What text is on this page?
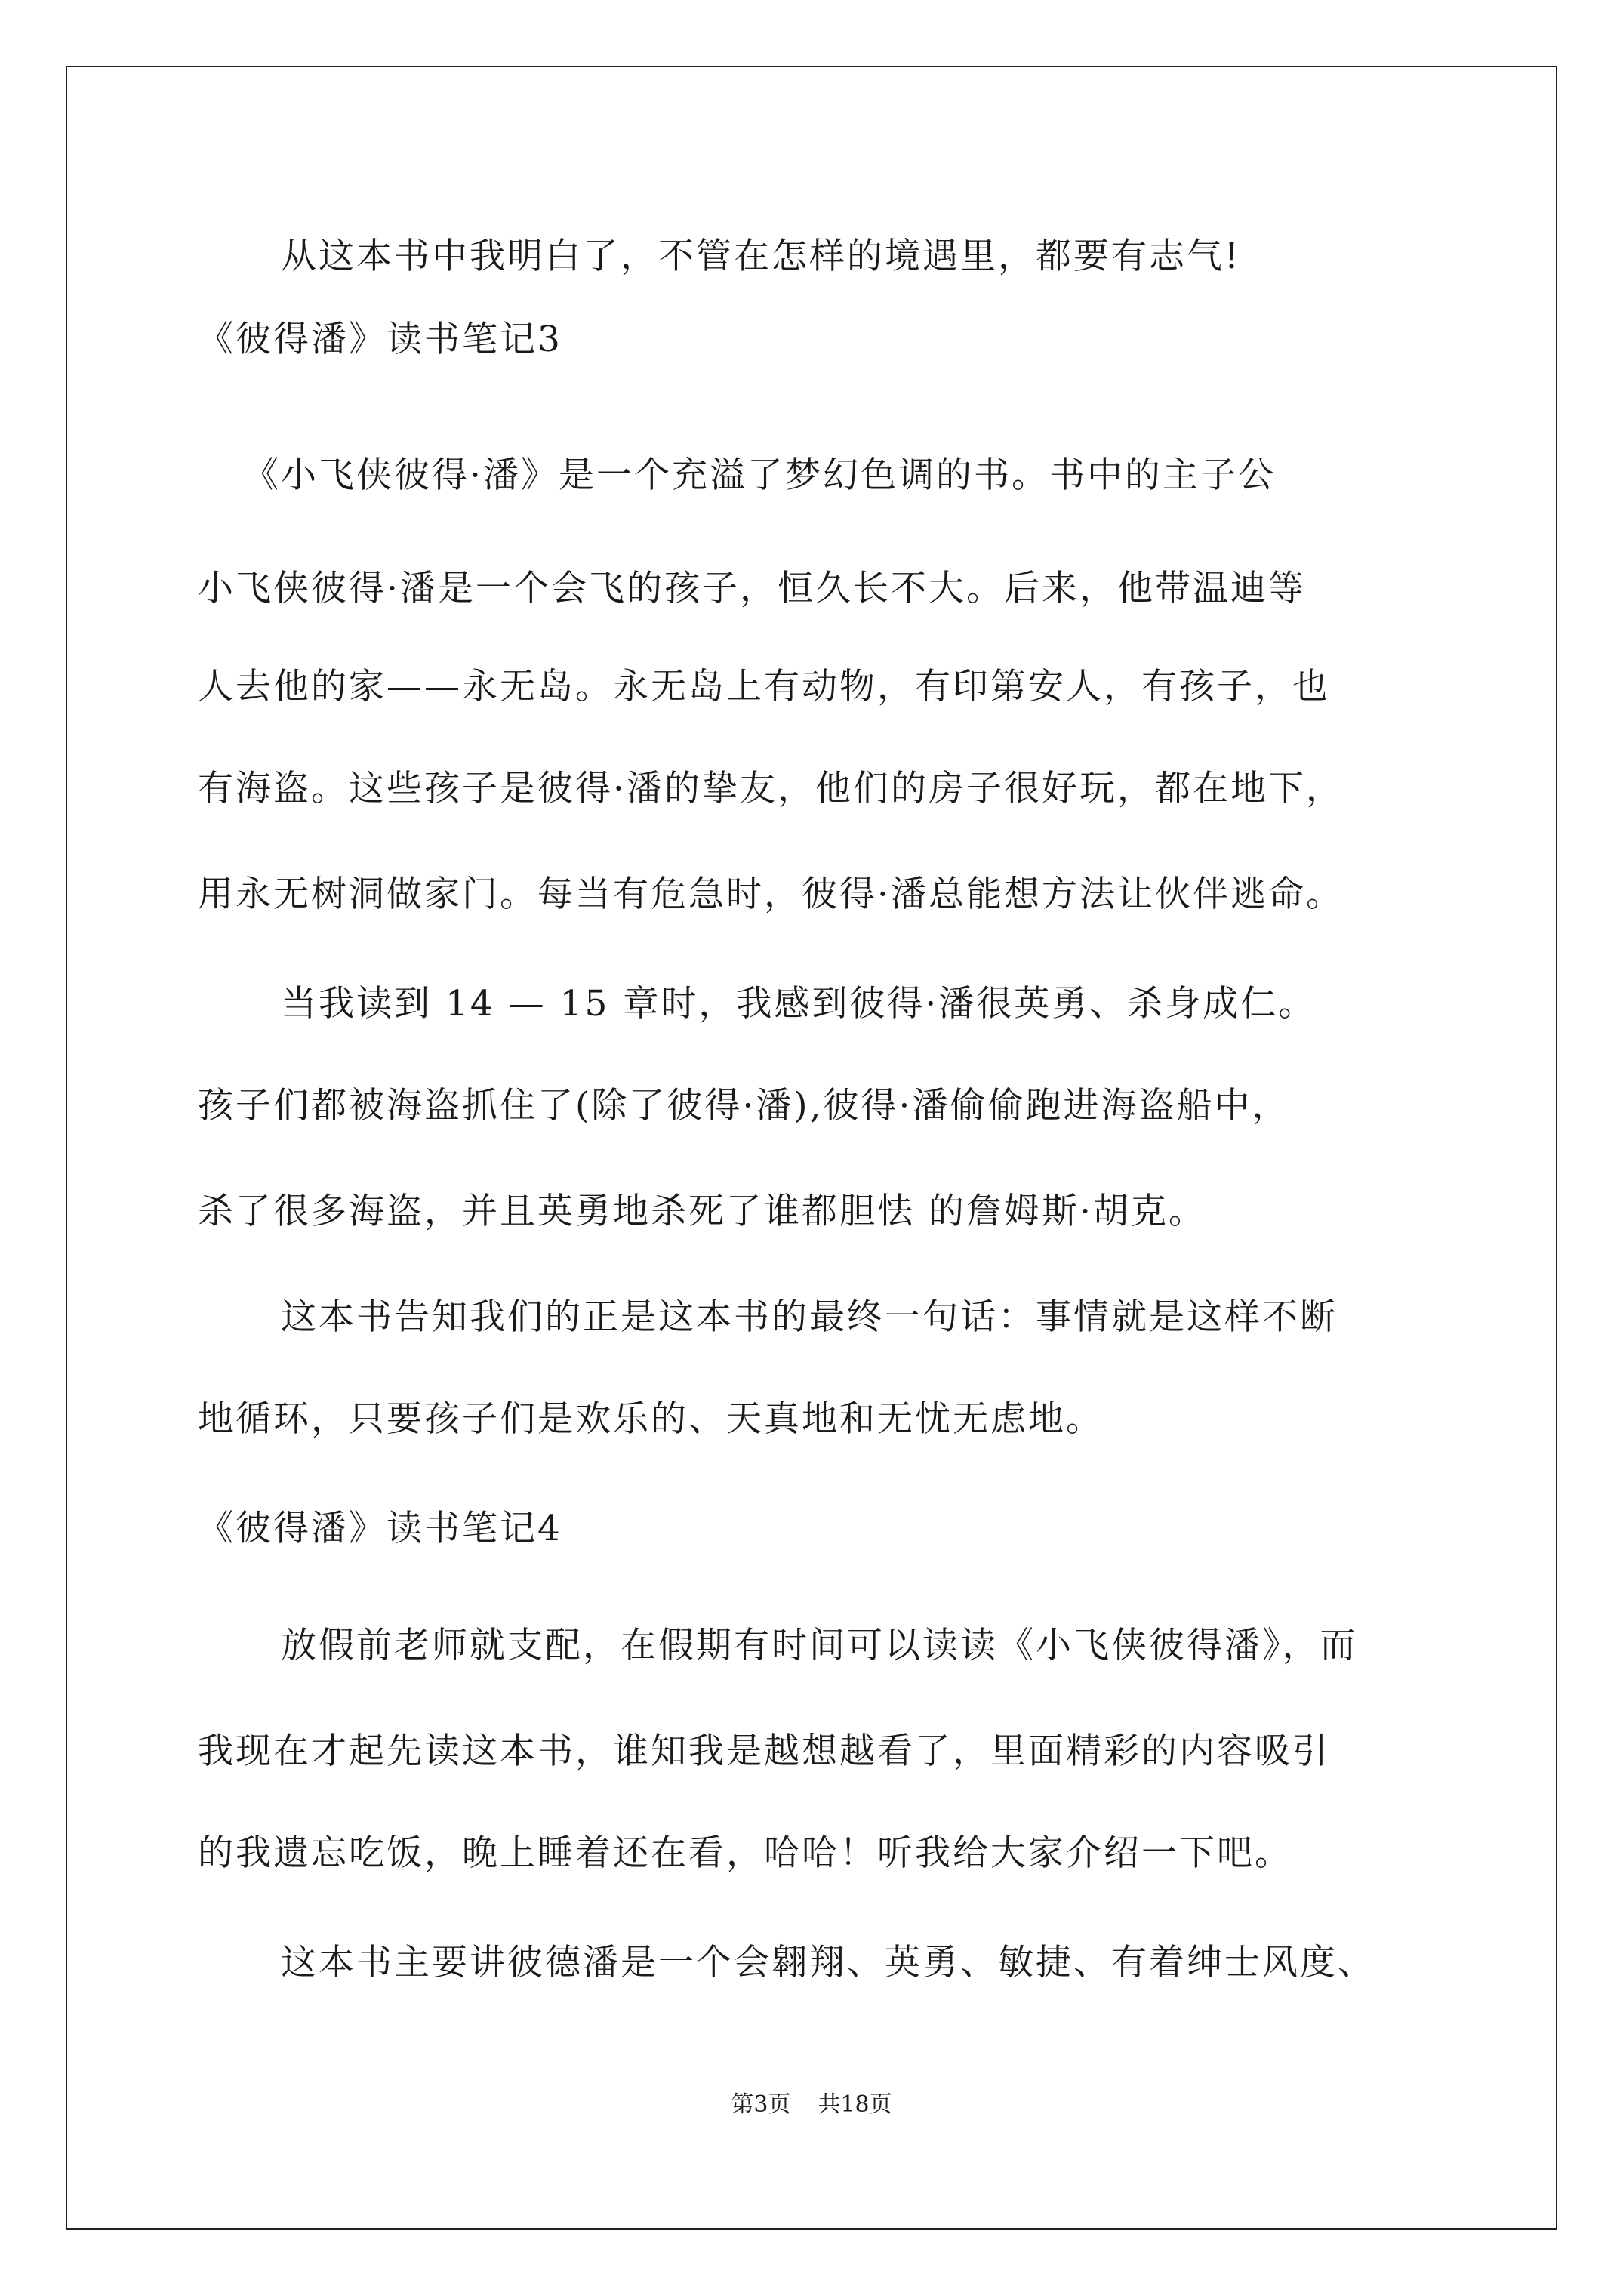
从这本书中我明白了，不管在怎样的境遇里，都要有志气!
《彼得潘》读书笔记3
《小飞侠彼得·潘》是一个充溢了梦幻色调的书。书中的主子公
小飞侠彼得·潘是一个会飞的孩子，恒久长不大。后来，他带温迪等
人去他的家——永无岛。永无岛上有动物，有印第安人，有孩子，也
有海盗。这些孩子是彼得·潘的挚友，他们的房子很好玩，都在地下，
用永无树洞做家门。每当有危急时，彼得·潘总能想方法让伙伴逃命。
当我读到 14 — 15 章时，我感到彼得·潘很英勇、杀身成仁。
孩子们都被海盗抓住了(除了彼得·潘),彼得·潘偷偷跑进海盗船中，
杀了很多海盗，并且英勇地杀死了谁都胆怯 的詹姆斯·胡克。
这本书告知我们的正是这本书的最终一句话：事情就是这样不断
地循环，只要孩子们是欢乐的、天真地和无忧无虑地。
《彼得潘》读书笔记4
放假前老师就支配，在假期有时间可以读读《小飞侠彼得潘》，而
我现在才起先读这本书，谁知我是越想越看了，里面精彩的内容吸引
的我遗忘吃饭，晚上睡着还在看，哈哈！听我给大家介绍一下吧。
这本书主要讲彼德潘是一个会翱翔、英勇、敏捷、有着绅士风度、
第3页 共18页
